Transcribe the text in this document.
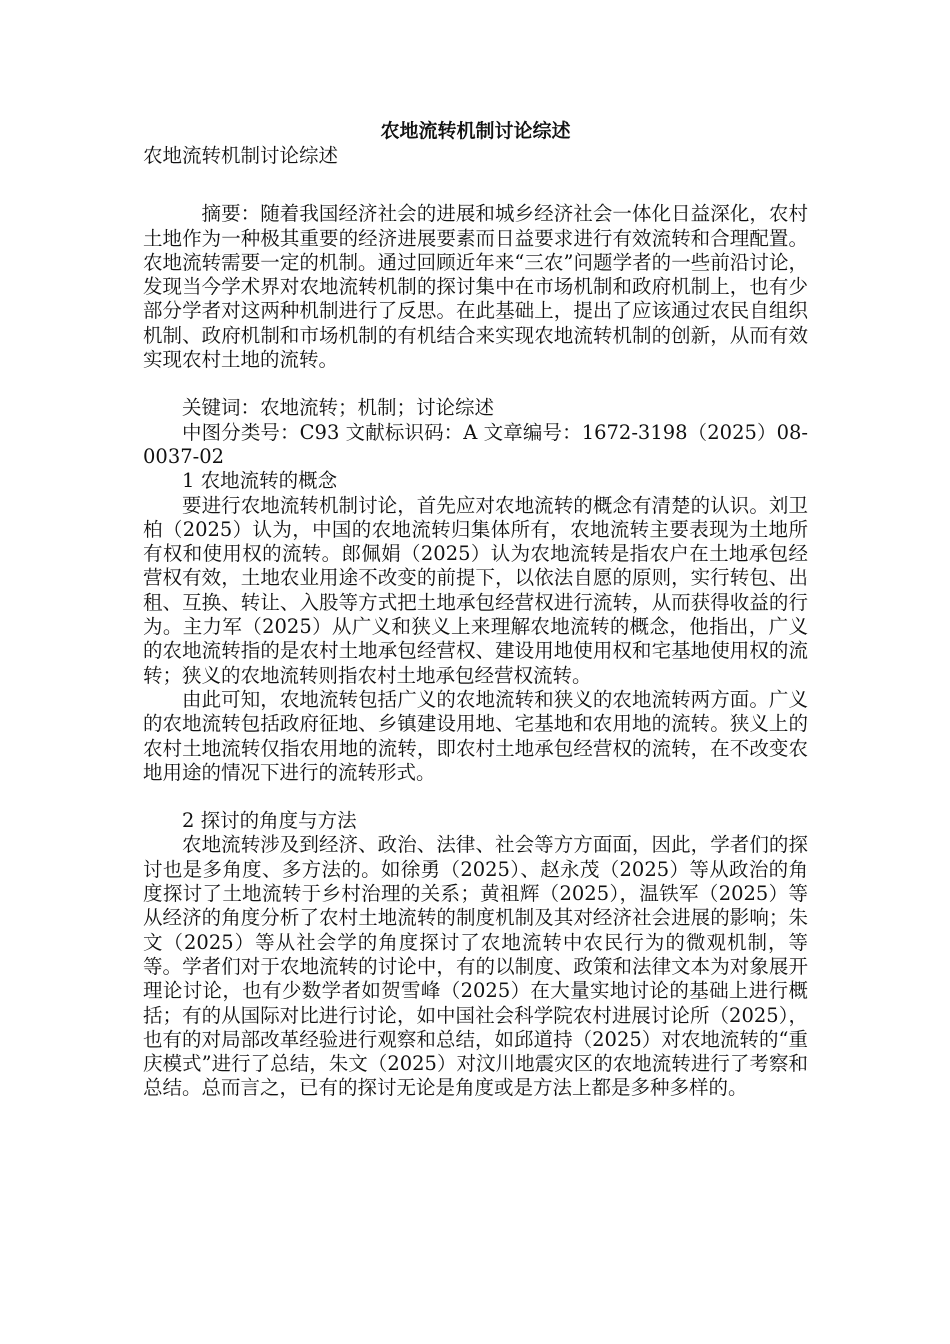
农地流转机制讨论综述

农地流转机制讨论综述

摘要：随着我国经济社会的进展和城乡经济社会一体化日益深化，农村土地作为一种极其重要的经济进展要素而日益要求进行有效流转和合理配置。农地流转需要一定的机制。通过回顾近年来“三农”问题学者的一些前沿讨论，发现当今学术界对农地流转机制的探讨集中在市场机制和政府机制上，也有少部分学者对这两种机制进行了反思。在此基础上，提出了应该通过农民自组织机制、政府机制和市场机制的有机结合来实现农地流转机制的创新，从而有效实现农村土地的流转。

关键词：农地流转；机制；讨论综述

中图分类号：C93 文献标识码：A 文章编号：1672-3198（2025）08-0037-02

1 农地流转的概念

要进行农地流转机制讨论，首先应对农地流转的概念有清楚的认识。刘卫柏（2025）认为，中国的农地流转归集体所有，农地流转主要表现为土地所有权和使用权的流转。郎佩娟（2025）认为农地流转是指农户在土地承包经营权有效，土地农业用途不改变的前提下，以依法自愿的原则，实行转包、出租、互换、转让、入股等方式把土地承包经营权进行流转，从而获得收益的行为。主力军（2025）从广义和狭义上来理解农地流转的概念，他指出，广义的农地流转指的是农村土地承包经营权、建设用地使用权和宅基地使用权的流转；狭义的农地流转则指农村土地承包经营权流转。

由此可知，农地流转包括广义的农地流转和狭义的农地流转两方面。广义的农地流转包括政府征地、乡镇建设用地、宅基地和农用地的流转。狭义上的农村土地流转仅指农用地的流转，即农村土地承包经营权的流转，在不改变农地用途的情况下进行的流转形式。

2 探讨的角度与方法

农地流转涉及到经济、政治、法律、社会等方方面面，因此，学者们的探讨也是多角度、多方法的。如徐勇（2025）、赵永茂（2025）等从政治的角度探讨了土地流转于乡村治理的关系；黄祖辉（2025），温铁军（2025）等从经济的角度分析了农村土地流转的制度机制及其对经济社会进展的影响；朱文（2025）等从社会学的角度探讨了农地流转中农民行为的微观机制，等等。学者们对于农地流转的讨论中，有的以制度、政策和法律文本为对象展开理论讨论，也有少数学者如贺雪峰（2025）在大量实地讨论的基础上进行概括；有的从国际对比进行讨论，如中国社会科学院农村进展讨论所（2025），也有的对局部改革经验进行观察和总结，如邱道持（2025）对农地流转的“重庆模式”进行了总结，朱文（2025）对汶川地震灾区的农地流转进行了考察和总结。总而言之，已有的探讨无论是角度或是方法上都是多种多样的。
